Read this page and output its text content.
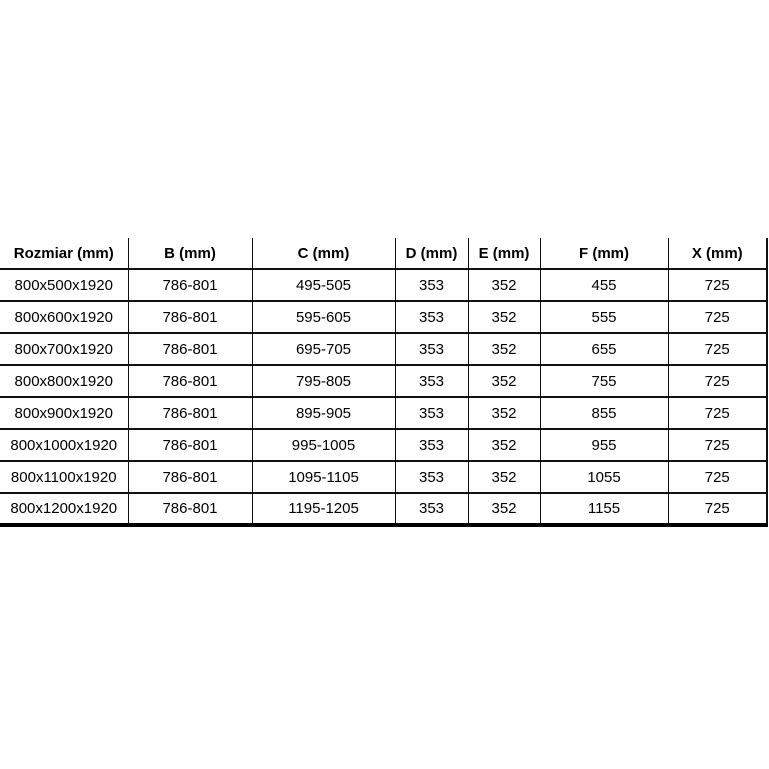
Rozmiar (mm)	B (mm)	C (mm)	D (mm)	E (mm)	F (mm)	X (mm)
800x500x1920	786-801	495-505	353	352	455	725
800x600x1920	786-801	595-605	353	352	555	725
800x700x1920	786-801	695-705	353	352	655	725
800x800x1920	786-801	795-805	353	352	755	725
800x900x1920	786-801	895-905	353	352	855	725
800x1000x1920	786-801	995-1005	353	352	955	725
800x1100x1920	786-801	1095-1105	353	352	1055	725
800x1200x1920	786-801	1195-1205	353	352	1155	725
